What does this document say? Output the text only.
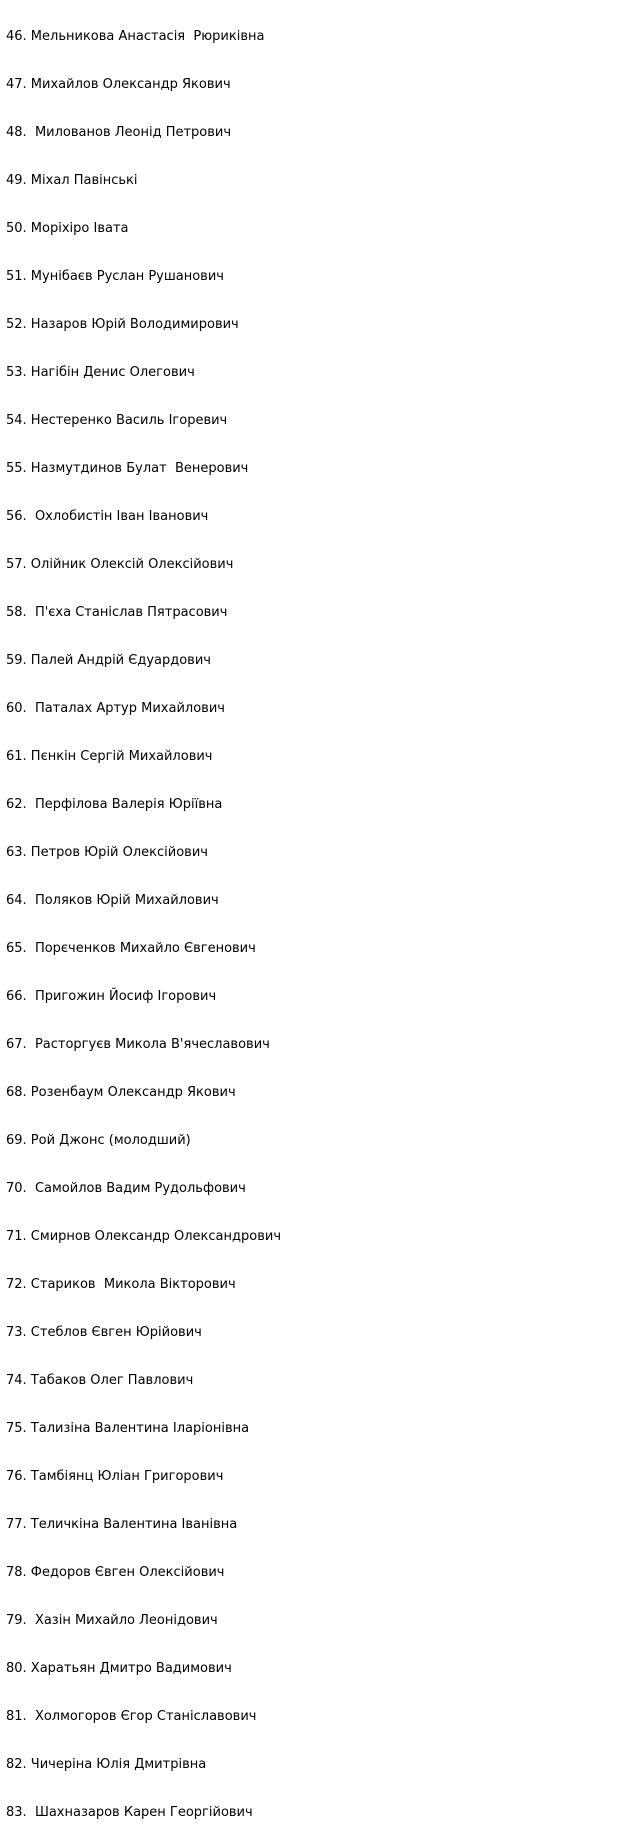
46. Мельникова Анастасія  Рюриківна

47. Михайлов Олександр Якович

48.  Милованов Леонід Петрович

49. Міхал Павінські

50. Моріхіро Івата

51. Мунібаєв Руслан Рушанович

52. Назаров Юрій Володимирович

53. Нагібін Денис Олегович

54. Нестеренко Василь Ігоревич

55. Назмутдинов Булат  Венерович

56.  Охлобистін Іван Іванович

57. Олійник Олексій Олексійович

58.  П'єха Станіслав Пятрасович

59. Палей Андрій Єдуардович

60.  Паталах Артур Михайлович

61. Пєнкін Сергій Михайлович

62.  Перфілова Валерія Юріївна

63. Петров Юрій Олексійович

64.  Поляков Юрій Михайлович

65.  Порєченков Михайло Євгенович

66.  Пригожин Йосиф Ігорович

67.  Расторгуєв Микола В'ячеславович

68. Розенбаум Олександр Якович

69. Рой Джонс (молодший)

70.  Самойлов Вадим Рудольфович

71. Смирнов Олександр Олександрович

72. Стариков  Микола Вікторович

73. Стеблов Євген Юрійович

74. Табаков Олег Павлович

75. Тализіна Валентина Іларіонівна

76. Тамбіянц Юліан Григорович

77. Теличкіна Валентина Іванівна

78. Федоров Євген Олексійович

79.  Хазін Михайло Леонідович

80. Харатьян Дмитро Вадимович

81.  Холмогоров Єгор Станіславович

82. Чичеріна Юлія Дмитрівна

83.  Шахназаров Карен Георгійович
